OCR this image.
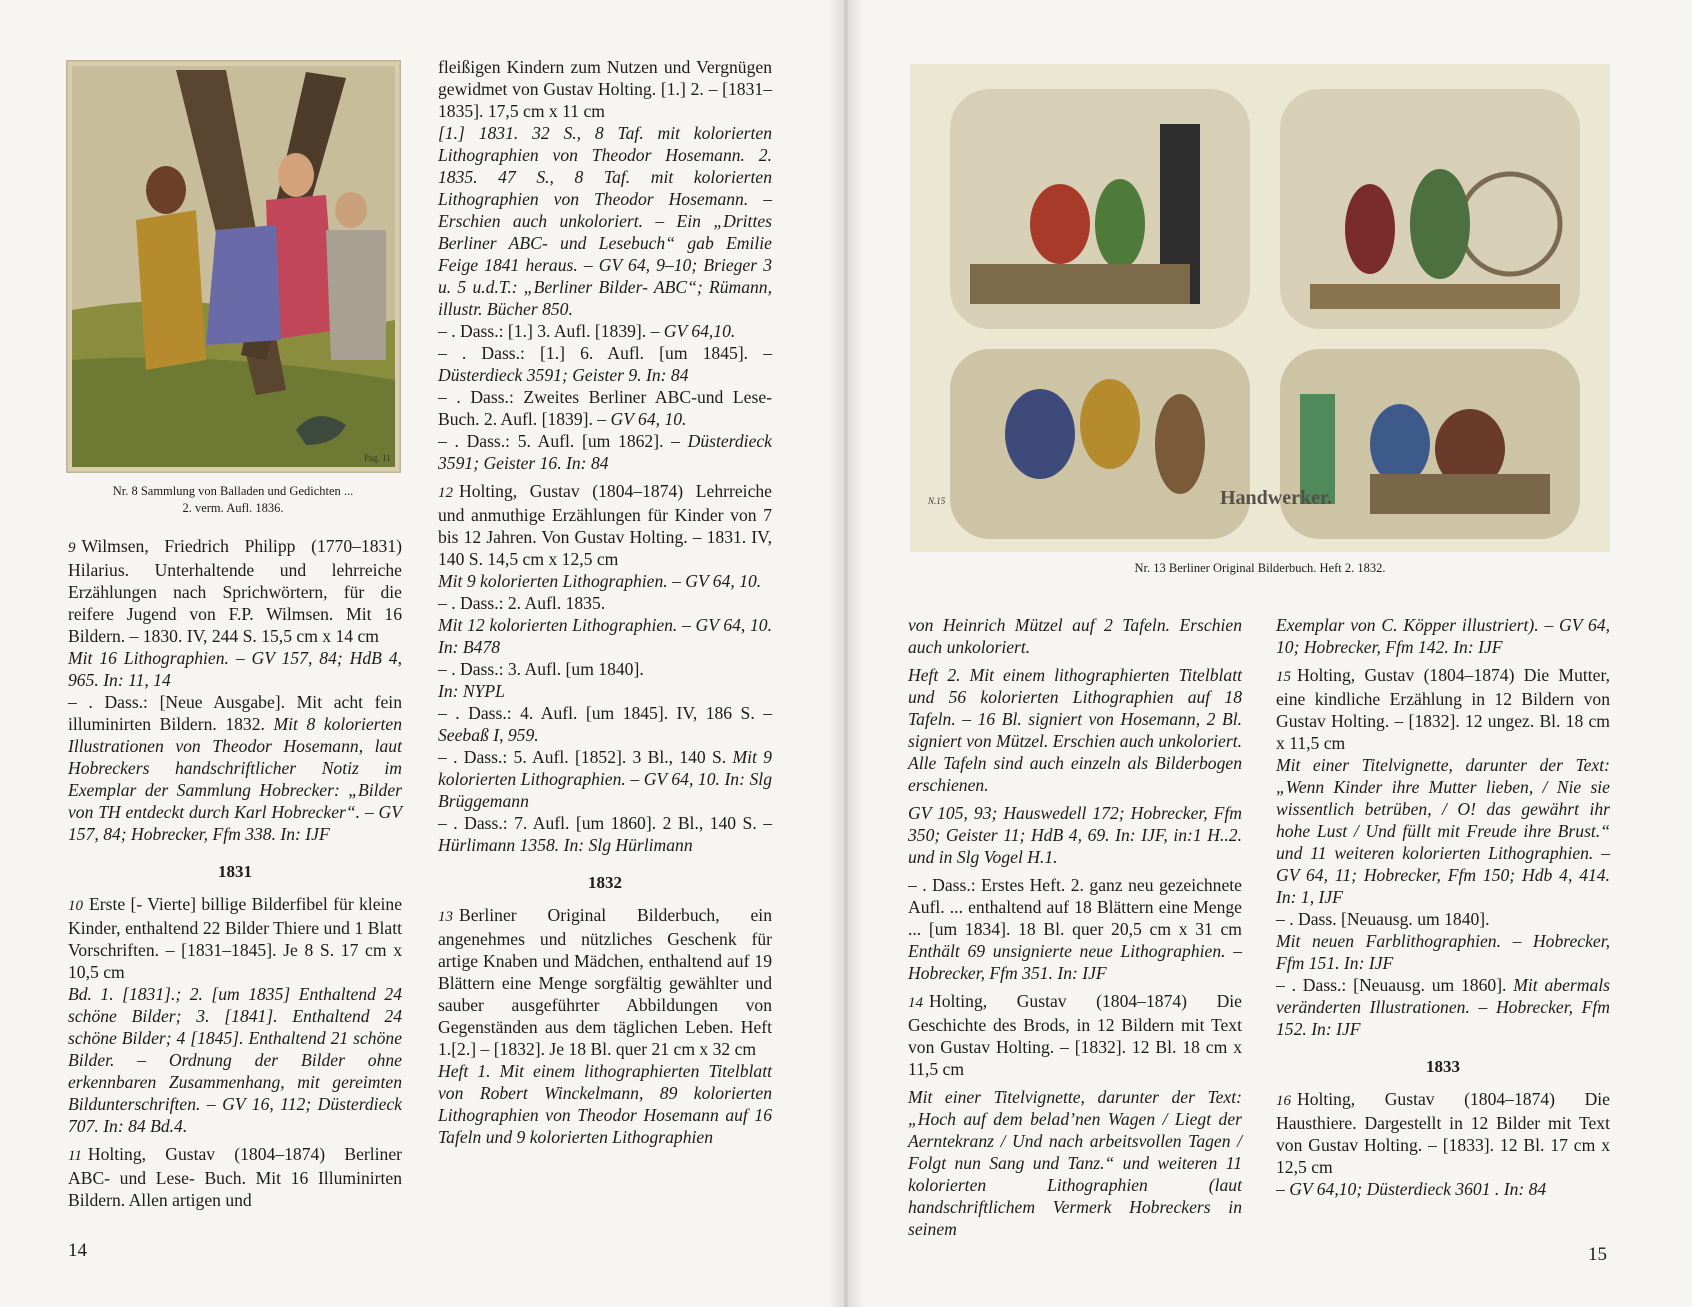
Pag. 11
Nr. 8 Sammlung von Balladen und Gedichten ...
2. verm. Aufl. 1836.

9 Wilmsen, Friedrich Philipp (1770–1831) Hilarius. Unterhaltende und lehrreiche Erzählungen nach Sprichwörtern, für die reifere Jugend von F.P. Wilmsen. Mit 16 Bildern. – 1830. IV, 244 S. 15,5 cm x 14 cm

Mit 16 Lithographien. – GV 157, 84; HdB 4, 965. In: 11, 14

– . Dass.: [Neue Ausgabe]. Mit acht fein illuminirten Bildern. 1832. Mit 8 kolorierten Illustrationen von Theodor Hosemann, laut Hobreckers handschriftlicher Notiz im Exemplar der Sammlung Hobrecker: „Bilder von TH entdeckt durch Karl Hobrecker“. – GV 157, 84; Hobrecker, Ffm 338. In: IJF

1831

10 Erste [- Vierte] billige Bilderfibel für kleine Kinder, enthaltend 22 Bilder Thiere und 1 Blatt Vorschriften. – [1831–1845]. Je 8 S. 17 cm x 10,5 cm

Bd. 1. [1831].; 2. [um 1835] Enthaltend 24 schöne Bilder; 3. [1841]. Enthaltend 24 schöne Bilder; 4 [1845]. Enthaltend 21 schöne Bilder. – Ordnung der Bilder ohne erkennbaren Zusammenhang, mit gereimten Bildunterschriften. – GV 16, 112; Düsterdieck 707. In: 84 Bd.4.

11 Holting, Gustav (1804–1874) Berliner ABC- und Lese- Buch. Mit 16 Illuminirten Bildern. Allen artigen und

fleißigen Kindern zum Nutzen und Vergnügen gewidmet von Gustav Holting. [1.] 2. – [1831–1835]. 17,5 cm x 11 cm

[1.] 1831. 32 S., 8 Taf. mit kolorierten Lithographien von Theodor Hosemann. 2. 1835. 47 S., 8 Taf. mit kolorierten Lithographien von Theodor Hosemann. – Erschien auch unkoloriert. – Ein „Drittes Berliner ABC- und Lesebuch“ gab Emilie Feige 1841 heraus. – GV 64, 9–10; Brieger 3 u. 5 u.d.T.: „Berliner Bilder- ABC“; Rümann, illustr. Bücher 850.

– . Dass.: [1.] 3. Aufl. [1839]. – GV 64,10.

– . Dass.: [1.] 6. Aufl. [um 1845]. – Düsterdieck 3591; Geister 9. In: 84

– . Dass.: Zweites Berliner ABC-und Lese-Buch. 2. Aufl. [1839]. – GV 64, 10.

– . Dass.: 5. Aufl. [um 1862]. – Düsterdieck 3591; Geister 16. In: 84

12 Holting, Gustav (1804–1874) Lehrreiche und anmuthige Erzählungen für Kinder von 7 bis 12 Jahren. Von Gustav Holting. – 1831. IV, 140 S. 14,5 cm x 12,5 cm

Mit 9 kolorierten Lithographien. – GV 64, 10.

– . Dass.: 2. Aufl. 1835.

Mit 12 kolorierten Lithographien. – GV 64, 10. In: B478

– . Dass.: 3. Aufl. [um 1840].

In: NYPL

– . Dass.: 4. Aufl. [um 1845]. IV, 186 S. – Seebaß I, 959.

– . Dass.: 5. Aufl. [1852]. 3 Bl., 140 S. Mit 9 kolorierten Lithographien. – GV 64, 10. In: Slg Brüggemann

– . Dass.: 7. Aufl. [um 1860]. 2 Bl., 140 S. – Hürlimann 1358. In: Slg Hürlimann

1832

13 Berliner Original Bilderbuch, ein angenehmes und nützliches Geschenk für artige Knaben und Mädchen, enthaltend auf 19 Blättern eine Menge sorgfältig gewählter und sauber ausgeführter Abbildungen von Gegenständen aus dem täglichen Leben. Heft 1.[2.] – [1832]. Je 18 Bl. quer 21 cm x 32 cm

Heft 1. Mit einem lithographierten Titelblatt von Robert Winckelmann, 89 kolorierten Lithographien von Theodor Hosemann auf 16 Tafeln und 9 kolorierten Lithographien

14
N.15	Handwerker.
Nr. 13 Berliner Original Bilderbuch. Heft 2. 1832.

von Heinrich Mützel auf 2 Tafeln. Erschien auch unkoloriert.

Heft 2. Mit einem lithographierten Titelblatt und 56 kolorierten Lithographien auf 18 Tafeln. – 16 Bl. signiert von Hosemann, 2 Bl. signiert von Mützel. Erschien auch unkoloriert. Alle Tafeln sind auch einzeln als Bilderbogen erschienen.

GV 105, 93; Hauswedell 172; Hobrecker, Ffm 350; Geister 11; HdB 4, 69. In: IJF, in:1 H..2. und in Slg Vogel H.1.

– . Dass.: Erstes Heft. 2. ganz neu gezeichnete Aufl. ... enthaltend auf 18 Blättern eine Menge ... [um 1834]. 18 Bl. quer 20,5 cm x 31 cm Enthält 69 unsignierte neue Lithographien. – Hobrecker, Ffm 351. In: IJF

14 Holting, Gustav (1804–1874) Die Geschichte des Brods, in 12 Bildern mit Text von Gustav Holting. – [1832]. 12 Bl. 18 cm x 11,5 cm

Mit einer Titelvignette, darunter der Text: „Hoch auf dem belad’nen Wagen / Liegt der Aerntekranz / Und nach arbeitsvollen Tagen / Folgt nun Sang und Tanz.“ und weiteren 11 kolorierten Lithographien (laut handschriftlichem Vermerk Hobreckers in seinem

Exemplar von C. Köpper illustriert). – GV 64, 10; Hobrecker, Ffm 142. In: IJF

15 Holting, Gustav (1804–1874) Die Mutter, eine kindliche Erzählung in 12 Bildern von Gustav Holting. – [1832]. 12 ungez. Bl. 18 cm x 11,5 cm

Mit einer Titelvignette, darunter der Text: „Wenn Kinder ihre Mutter lieben, / Nie sie wissentlich betrüben, / O! das gewährt ihr hohe Lust / Und füllt mit Freude ihre Brust.“ und 11 weiteren kolorierten Lithographien. – GV 64, 11; Hobrecker, Ffm 150; Hdb 4, 414. In: 1, IJF

– . Dass. [Neuausg. um 1840].

Mit neuen Farblithographien. – Hobrecker, Ffm 151. In: IJF

– . Dass.: [Neuausg. um 1860]. Mit abermals veränderten Illustrationen. – Hobrecker, Ffm 152. In: IJF

1833

16 Holting, Gustav (1804–1874) Die Hausthiere. Dargestellt in 12 Bilder mit Text von Gustav Holting. – [1833]. 12 Bl. 17 cm x 12,5 cm

– GV 64,10; Düsterdieck 3601 . In: 84

15
